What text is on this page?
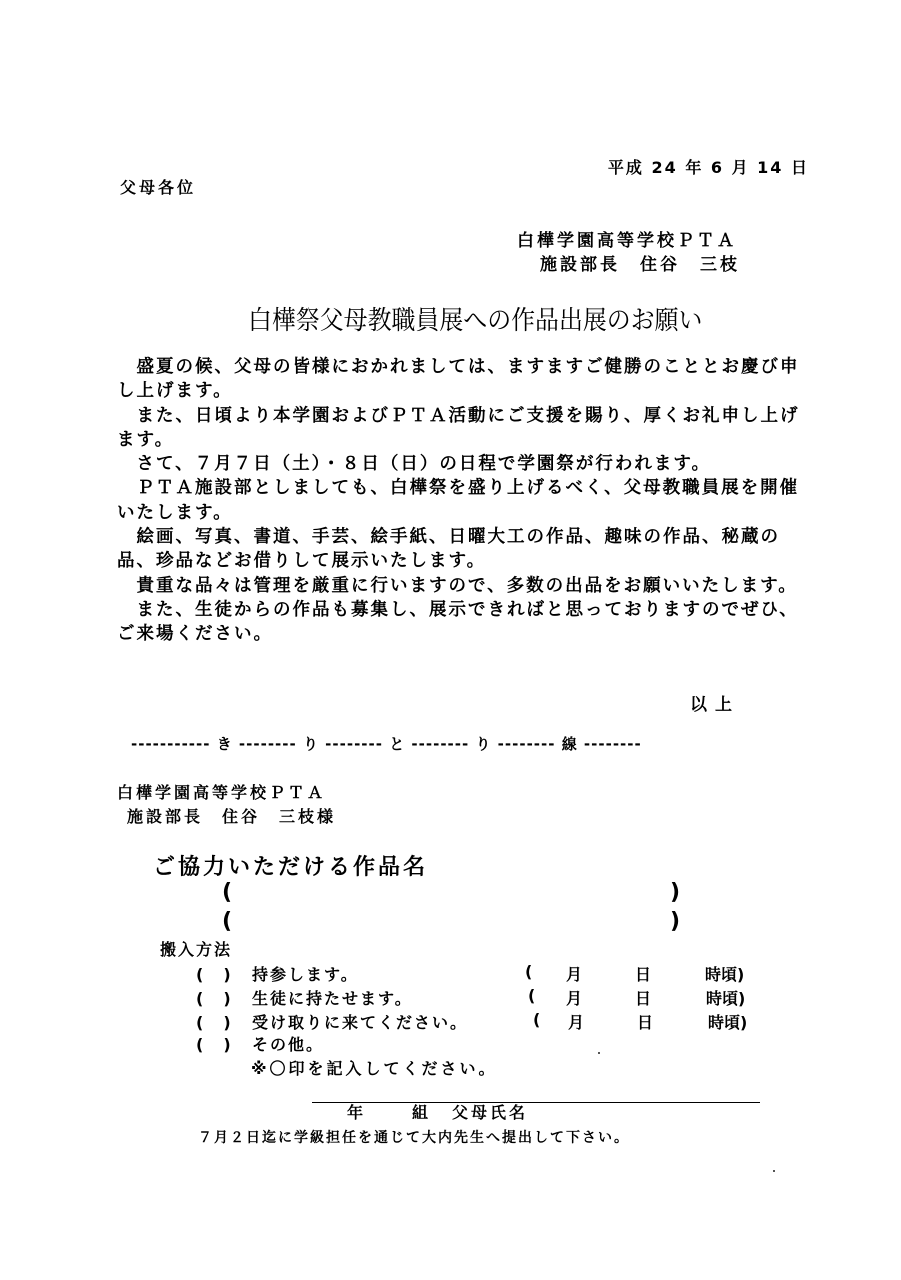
平成 24 年 6 月 14 日
父母各位
白樺学園高等学校ＰＴＡ
施設部長　住谷　三枝
白樺祭父母教職員展への作品出展のお願い

　盛夏の候、父母の皆様におかれましては、ますますご健勝のこととお慶び申し上げます。

　また、日頃より本学園およびＰＴＡ活動にご支援を賜り、厚くお礼申し上げます。

　さて、７月７日（土）・８日（日）の日程で学園祭が行われます。

　ＰＴＡ施設部としましても、白樺祭を盛り上げるべく、父母教職員展を開催いたします。

　絵画、写真、書道、手芸、絵手紙、日曜大工の作品、趣味の作品、秘蔵の品、珍品などお借りして展示いたします。

　貴重な品々は管理を厳重に行いますので、多数の出品をお願いいたします。

　また、生徒からの作品も募集し、展示できればと思っておりますのでぜひ、ご来場ください。

以上
----------- き -------- り -------- と -------- り -------- 線 --------
白樺学園高等学校ＰＴＡ
施設部長　住谷　三枝様
ご協力いただける作品名
(	)
(	)
搬入方法
(　) 持参します。	( 月	日	時頃)
(　) 生徒に持たせます。	( 月	日	時頃)
(　) 受け取りに来てください。	( 月	日	時頃)
(　) その他。
※〇印を記入してください。
年	組 父母氏名
７月２日迄に学級担任を通じて大内先生へ提出して下さい。
